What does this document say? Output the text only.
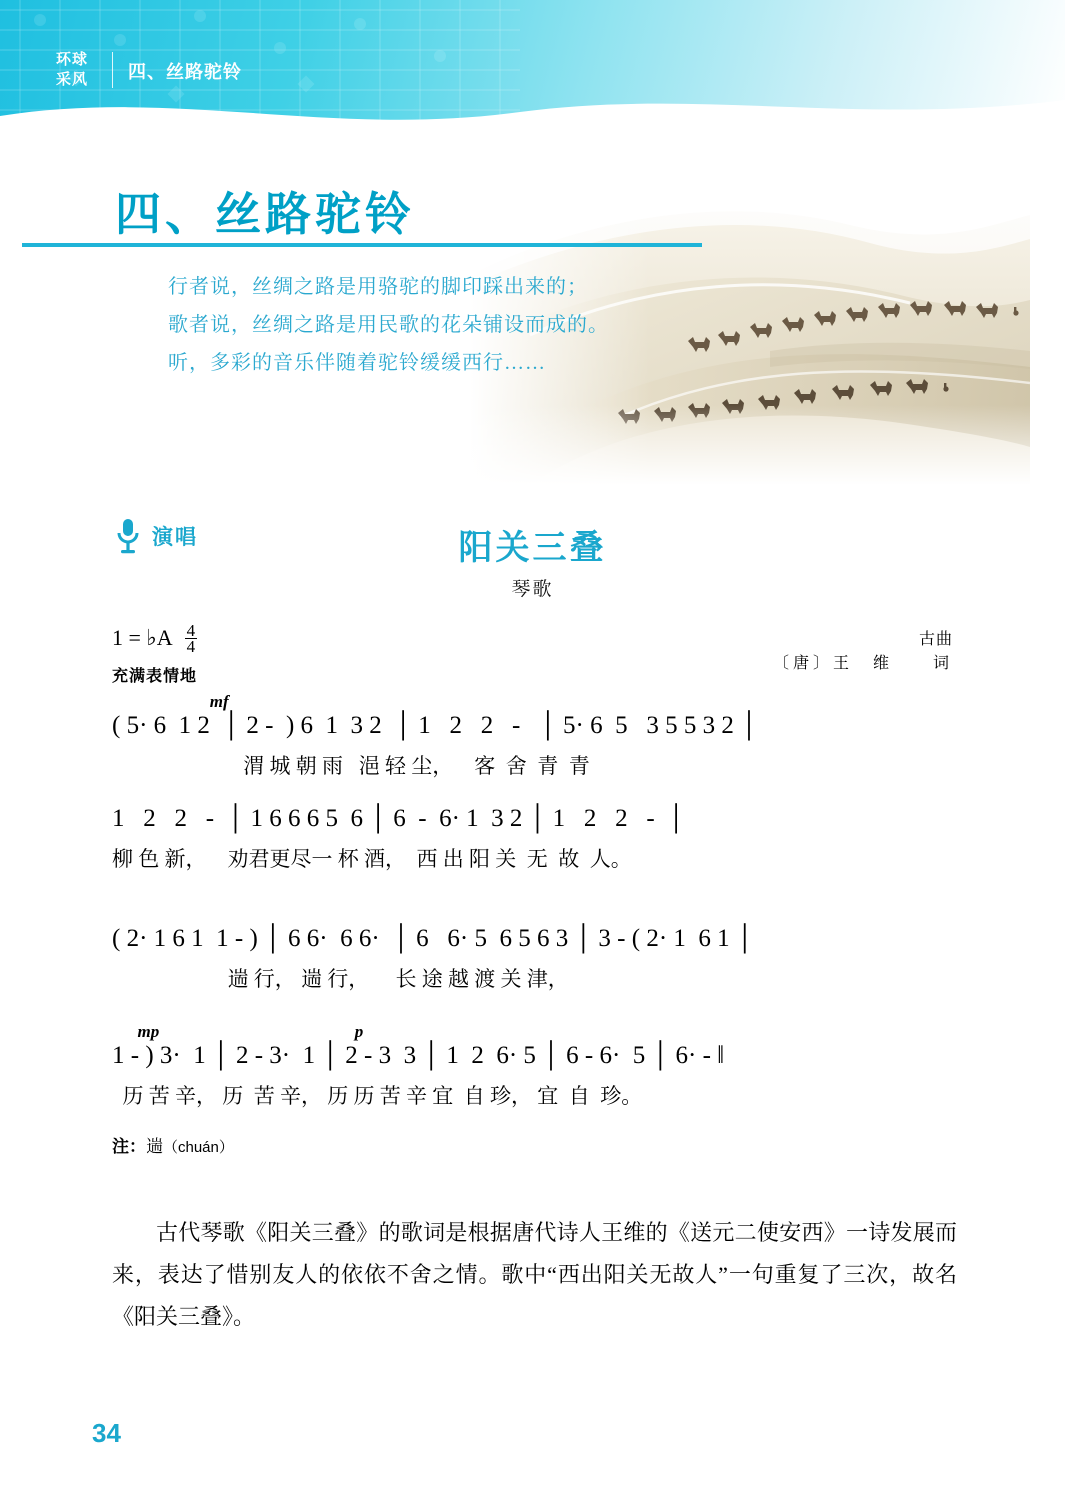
环球
采风 四、丝路驼铃
四、丝路驼铃
行者说，丝绸之路是用骆驼的脚印踩出来的；
歌者说，丝绸之路是用民歌的花朵铺设而成的。
听，多彩的音乐伴随着驼铃缓缓西行……
演唱	阳关三叠
琴歌
1 = ♭A $\frac{4}{4}$
充满表情地
古曲
〔唐〕王　维　　词
mf
( 5· 6  1 2  │ 2 -  ) 6  1  3 2  │ 1   2   2   -   │ 5· 6  5   3 5 5 3 2 │
渭 城 朝 雨   浥 轻 尘，    客  舍  青  青
1   2   2   -  │ 1 6 6 6 5  6 │ 6  -  6· 1  3 2 │ 1   2   2   -  │
柳 色 新，    劝君更尽一 杯 酒，  西 出 阳 关  无  故  人。
( 2· 1 6 1  1 - ) │ 6 6·  6 6·  │ 6   6· 5  6 5 6 3 │ 3 - ( 2· 1  6 1 │
遄 行， 遄 行，     长 途 越 渡 关 津，
mp                                              p
1 - ) 3·  1 │ 2 - 3·  1 │ 2 - 3  3 │ 1  2  6· 5 │ 6 - 6·  5 │ 6· - ‖
历 苦 辛， 历  苦 辛， 历 历 苦 辛 宜  自 珍， 宜  自  珍。
注：遄（chuán）
古代琴歌《阳关三叠》的歌词是根据唐代诗人王维的《送元二使安西》一诗发展而来，表达了惜别友人的依依不舍之情。歌中“西出阳关无故人”一句重复了三次，故名《阳关三叠》。
34
